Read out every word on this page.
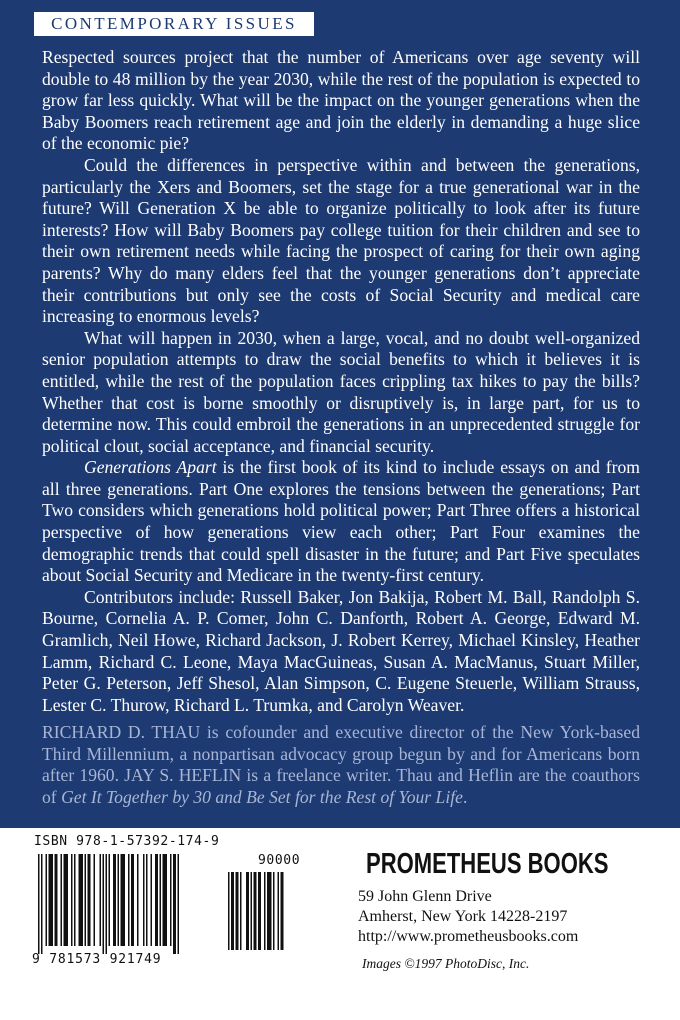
CONTEMPORARY ISSUES

Respected sources project that the number of Americans over age seventy will double to 48 million by the year 2030, while the rest of the population is expected to grow far less quickly. What will be the impact on the younger generations when the Baby Boomers reach retirement age and join the elderly in demanding a huge slice of the economic pie?

Could the differences in perspective within and between the generations, particularly the Xers and Boomers, set the stage for a true generational war in the future? Will Generation X be able to organize politically to look after its future interests? How will Baby Boomers pay college tuition for their children and see to their own retirement needs while facing the prospect of caring for their own aging parents? Why do many elders feel that the younger generations don’t appreciate their contributions but only see the costs of Social Security and medical care increasing to enormous levels?

What will happen in 2030, when a large, vocal, and no doubt well-organized senior population attempts to draw the social benefits to which it believes it is entitled, while the rest of the population faces crippling tax hikes to pay the bills? Whether that cost is borne smoothly or disruptively is, in large part, for us to determine now. This could embroil the generations in an unprecedented struggle for political clout, social acceptance, and financial security.

Generations Apart is the first book of its kind to include essays on and from all three generations. Part One explores the tensions between the generations; Part Two considers which generations hold political power; Part Three offers a historical perspective of how generations view each other; Part Four examines the demographic trends that could spell disaster in the future; and Part Five speculates about Social Security and Medicare in the twenty-first century.

Contributors include: Russell Baker, Jon Bakija, Robert M. Ball, Randolph S. Bourne, Cornelia A. P. Comer, John C. Danforth, Robert A. George, Edward M. Gramlich, Neil Howe, Richard Jackson, J. Robert Kerrey, Michael Kinsley, Heather Lamm, Richard C. Leone, Maya MacGuineas, Susan A. MacManus, Stuart Miller, Peter G. Peterson, Jeff Shesol, Alan Simpson, C. Eugene Steuerle, William Strauss, Lester C. Thurow, Richard L. Trumka, and Carolyn Weaver.

RICHARD D. THAU is cofounder and executive director of the New York-based Third Millennium, a nonpartisan advocacy group begun by and for Americans born after 1960. JAY S. HEFLIN is a freelance writer. Thau and Heflin are the coauthors of Get It Together by 30 and Be Set for the Rest of Your Life.

ISBN 978-1-57392-174-9
90000
9 781573 921749
PROMETHEUS BOOKS
59 John Glenn Drive
Amherst, New York 14228-2197
http://www.prometheusbooks.com
Images ©1997 PhotoDisc, Inc.
